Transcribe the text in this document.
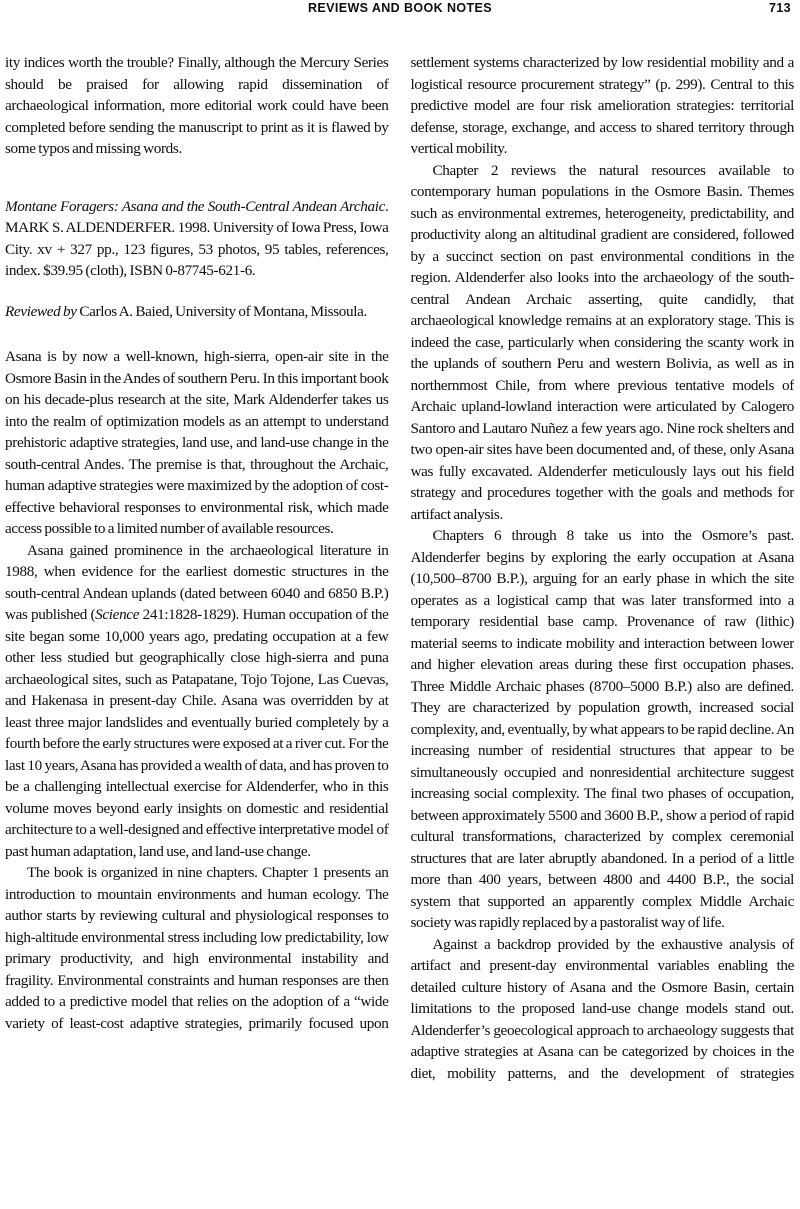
REVIEWS AND BOOK NOTES	713

ity indices worth the trouble? Finally, although the Mercury Series should be praised for allowing rapid dissemination of archaeological information, more editorial work could have been completed before sending the manuscript to print as it is flawed by some typos and missing words.

Montane Foragers: Asana and the South-Central Andean Archaic. MARK S. ALDENDERFER. 1998. University of Iowa Press, Iowa City. xv + 327 pp., 123 figures, 53 photos, 95 tables, references, index. $39.95 (cloth), ISBN 0-87745-621-6.

Reviewed by Carlos A. Baied, University of Montana, Missoula.

Asana is by now a well-known, high-sierra, open-air site in the Osmore Basin in the Andes of southern Peru. In this important book on his decade-plus research at the site, Mark Aldenderfer takes us into the realm of optimization models as an attempt to understand prehistoric adaptive strategies, land use, and land-use change in the south-central Andes. The premise is that, throughout the Archaic, human adaptive strategies were maximized by the adoption of cost-effective behavioral responses to environmental risk, which made access possible to a limited number of available resources.

Asana gained prominence in the archaeological literature in 1988, when evidence for the earliest domestic structures in the south-central Andean uplands (dated between 6040 and 6850 B.P.) was published (Science 241:1828-1829). Human occupation of the site began some 10,000 years ago, predating occupation at a few other less studied but geographically close high-sierra and puna archaeological sites, such as Patapatane, Tojo Tojone, Las Cuevas, and Hakenasa in present-day Chile. Asana was overridden by at least three major landslides and eventually buried completely by a fourth before the early structures were exposed at a river cut. For the last 10 years, Asana has provided a wealth of data, and has proven to be a challenging intellectual exercise for Aldenderfer, who in this volume moves beyond early insights on domestic and residential architecture to a well-designed and effective interpretative model of past human adaptation, land use, and land-use change.

The book is organized in nine chapters. Chapter 1 presents an introduction to mountain environments and human ecology. The author starts by reviewing cultural and physiological responses to high-altitude environmental stress including low predictability, low primary productivity, and high environmental instability and fragility. Environmental constraints and human responses are then added to a predictive model that relies on the adoption of a “wide variety of least-cost adaptive strategies, primarily focused upon

settlement systems characterized by low residential mobility and a logistical resource procurement strategy” (p. 299). Central to this predictive model are four risk amelioration strategies: territorial defense, storage, exchange, and access to shared territory through vertical mobility.

Chapter 2 reviews the natural resources available to contemporary human populations in the Osmore Basin. Themes such as environmental extremes, heterogeneity, predictability, and productivity along an altitudinal gradient are considered, followed by a succinct section on past environmental conditions in the region. Aldenderfer also looks into the archaeology of the south-central Andean Archaic asserting, quite candidly, that archaeological knowledge remains at an exploratory stage. This is indeed the case, particularly when considering the scanty work in the uplands of southern Peru and western Bolivia, as well as in northernmost Chile, from where previous tentative models of Archaic upland-lowland interaction were articulated by Calogero Santoro and Lautaro Nuñez a few years ago. Nine rock shelters and two open-air sites have been documented and, of these, only Asana was fully excavated. Aldenderfer meticulously lays out his field strategy and procedures together with the goals and methods for artifact analysis.

Chapters 6 through 8 take us into the Osmore’s past. Aldenderfer begins by exploring the early occupation at Asana (10,500–8700 B.P.), arguing for an early phase in which the site operates as a logistical camp that was later transformed into a temporary residential base camp. Provenance of raw (lithic) material seems to indicate mobility and interaction between lower and higher elevation areas during these first occupation phases. Three Middle Archaic phases (8700–5000 B.P.) also are defined. They are characterized by population growth, increased social complexity, and, eventually, by what appears to be rapid decline. An increasing number of residential structures that appear to be simultaneously occupied and nonresidential architecture suggest increasing social complexity. The final two phases of occupation, between approximately 5500 and 3600 B.P., show a period of rapid cultural transformations, characterized by complex ceremonial structures that are later abruptly abandoned. In a period of a little more than 400 years, between 4800 and 4400 B.P., the social system that supported an apparently complex Middle Archaic society was rapidly replaced by a pastoralist way of life.

Against a backdrop provided by the exhaustive analysis of artifact and present-day environmental variables enabling the detailed culture history of Asana and the Osmore Basin, certain limitations to the proposed land-use change models stand out. Aldenderfer’s geoecological approach to archaeology suggests that adaptive strategies at Asana can be categorized by choices in the diet, mobility patterns, and the development of strategies
